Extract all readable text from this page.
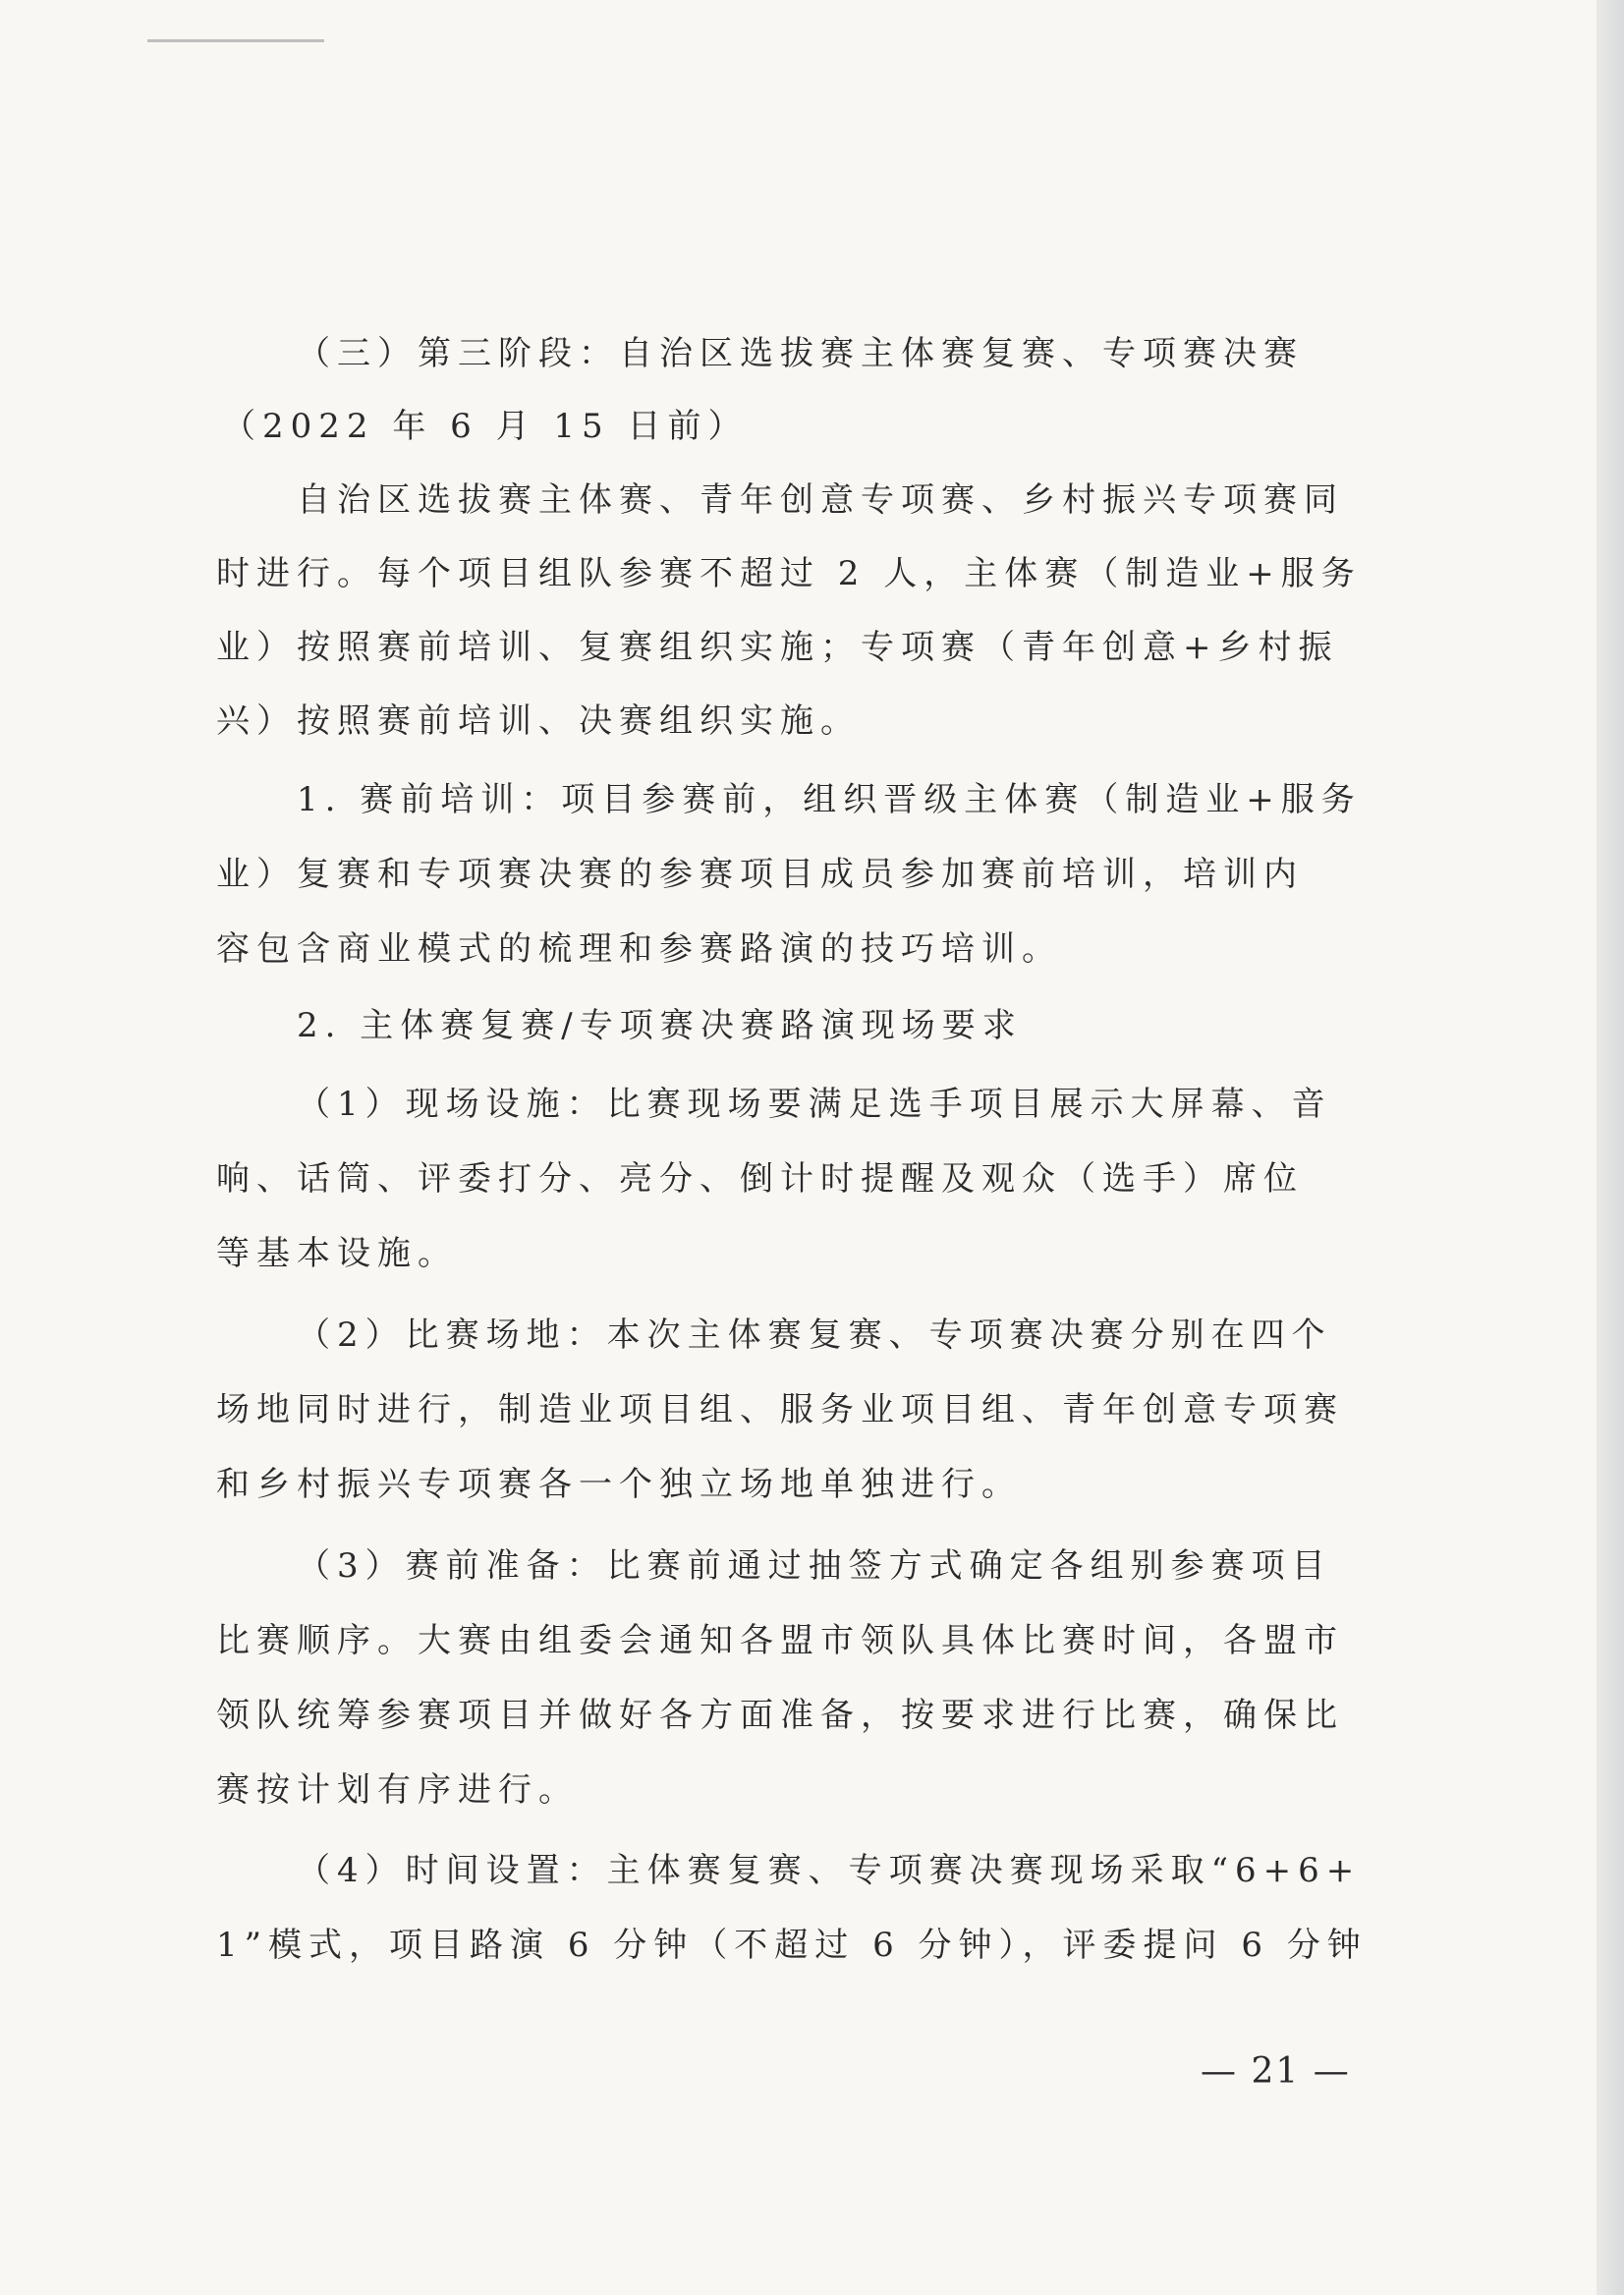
（三）第三阶段：自治区选拔赛主体赛复赛、专项赛决赛
（2022 年 6 月 15 日前）
自治区选拔赛主体赛、青年创意专项赛、乡村振兴专项赛同
时进行。每个项目组队参赛不超过 2 人，主体赛（制造业+服务
业）按照赛前培训、复赛组织实施；专项赛（青年创意+乡村振
兴）按照赛前培训、决赛组织实施。
1. 赛前培训：项目参赛前，组织晋级主体赛（制造业+服务
业）复赛和专项赛决赛的参赛项目成员参加赛前培训，培训内
容包含商业模式的梳理和参赛路演的技巧培训。
2. 主体赛复赛/专项赛决赛路演现场要求
（1）现场设施：比赛现场要满足选手项目展示大屏幕、音
响、话筒、评委打分、亮分、倒计时提醒及观众（选手）席位
等基本设施。
（2）比赛场地：本次主体赛复赛、专项赛决赛分别在四个
场地同时进行，制造业项目组、服务业项目组、青年创意专项赛
和乡村振兴专项赛各一个独立场地单独进行。
（3）赛前准备：比赛前通过抽签方式确定各组别参赛项目
比赛顺序。大赛由组委会通知各盟市领队具体比赛时间，各盟市
领队统筹参赛项目并做好各方面准备，按要求进行比赛，确保比
赛按计划有序进行。
（4）时间设置：主体赛复赛、专项赛决赛现场采取“6+6+
1”模式，项目路演 6 分钟（不超过 6 分钟），评委提问 6 分钟
— 21 —
